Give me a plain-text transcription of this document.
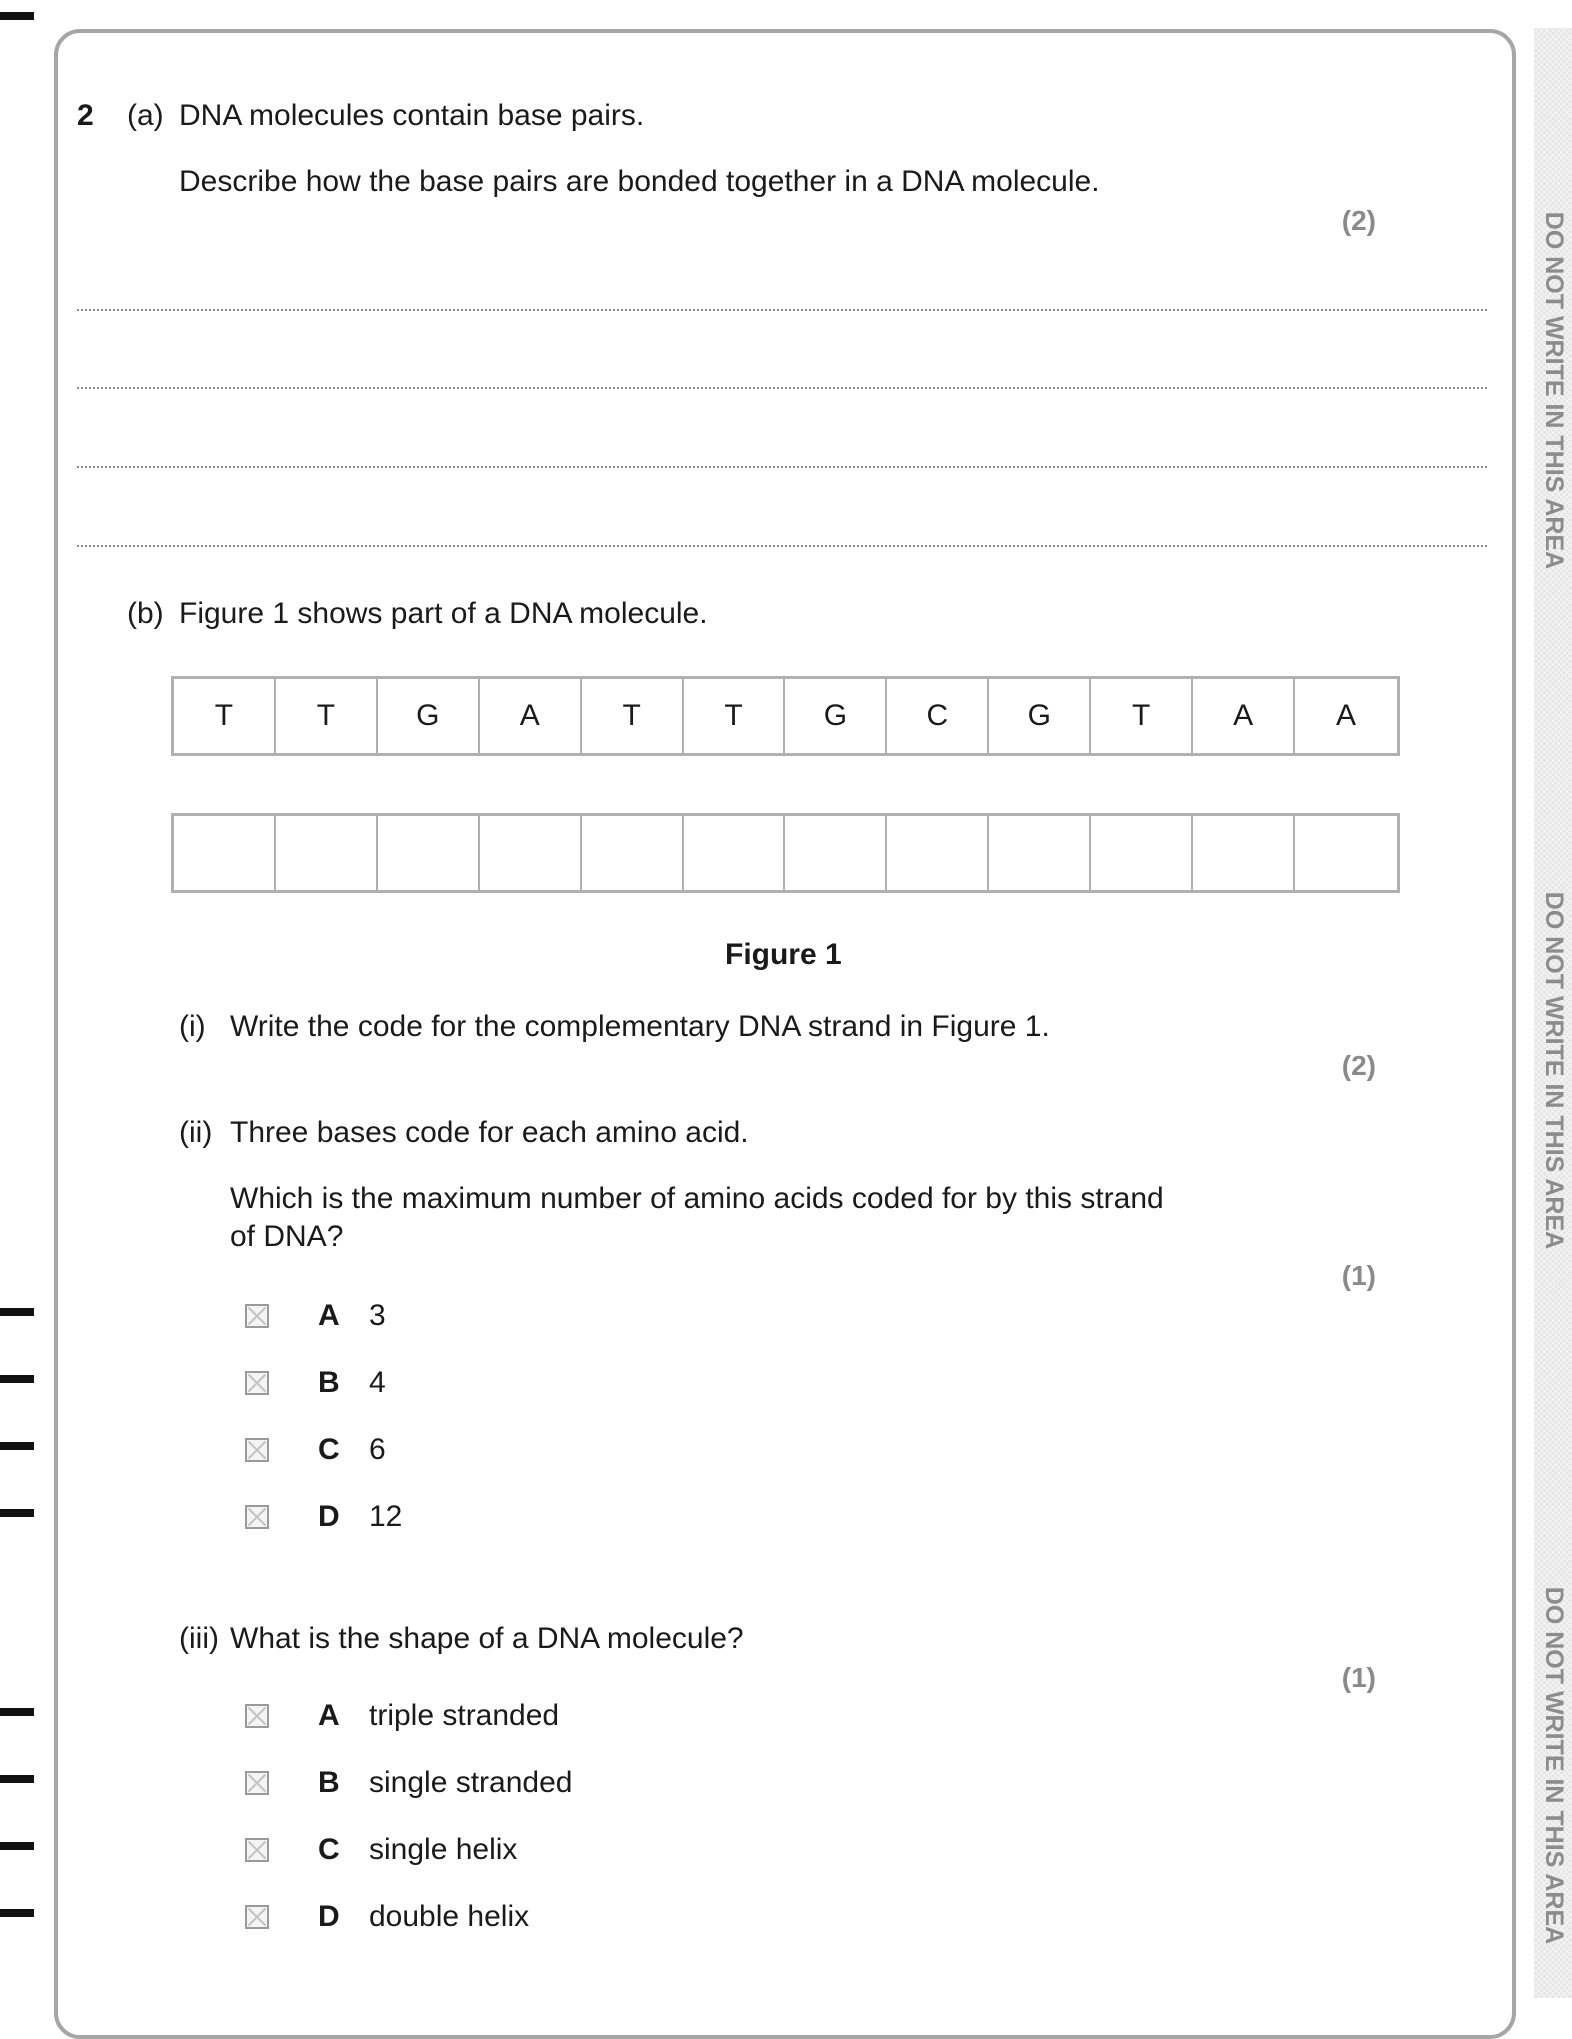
DO NOT WRITE IN THIS AREA
DO NOT WRITE IN THIS AREA
DO NOT WRITE IN THIS AREA
2 (a) DNA molecules contain base pairs.
Describe how the base pairs are bonded together in a DNA molecule.
(2)
(b) Figure 1 shows part of a DNA molecule.
T	T	G	A	T	T	G	C	G	T	A	A
Figure 1
(i) Write the code for the complementary DNA strand in Figure 1.
(2)
(ii) Three bases code for each amino acid.
Which is the maximum number of amino acids coded for by this strand
of DNA?
(1)
A 3
B 4
C 6
D 12
(iii) What is the shape of a DNA molecule?
(1)
A triple stranded
B single stranded
C single helix
D double helix
